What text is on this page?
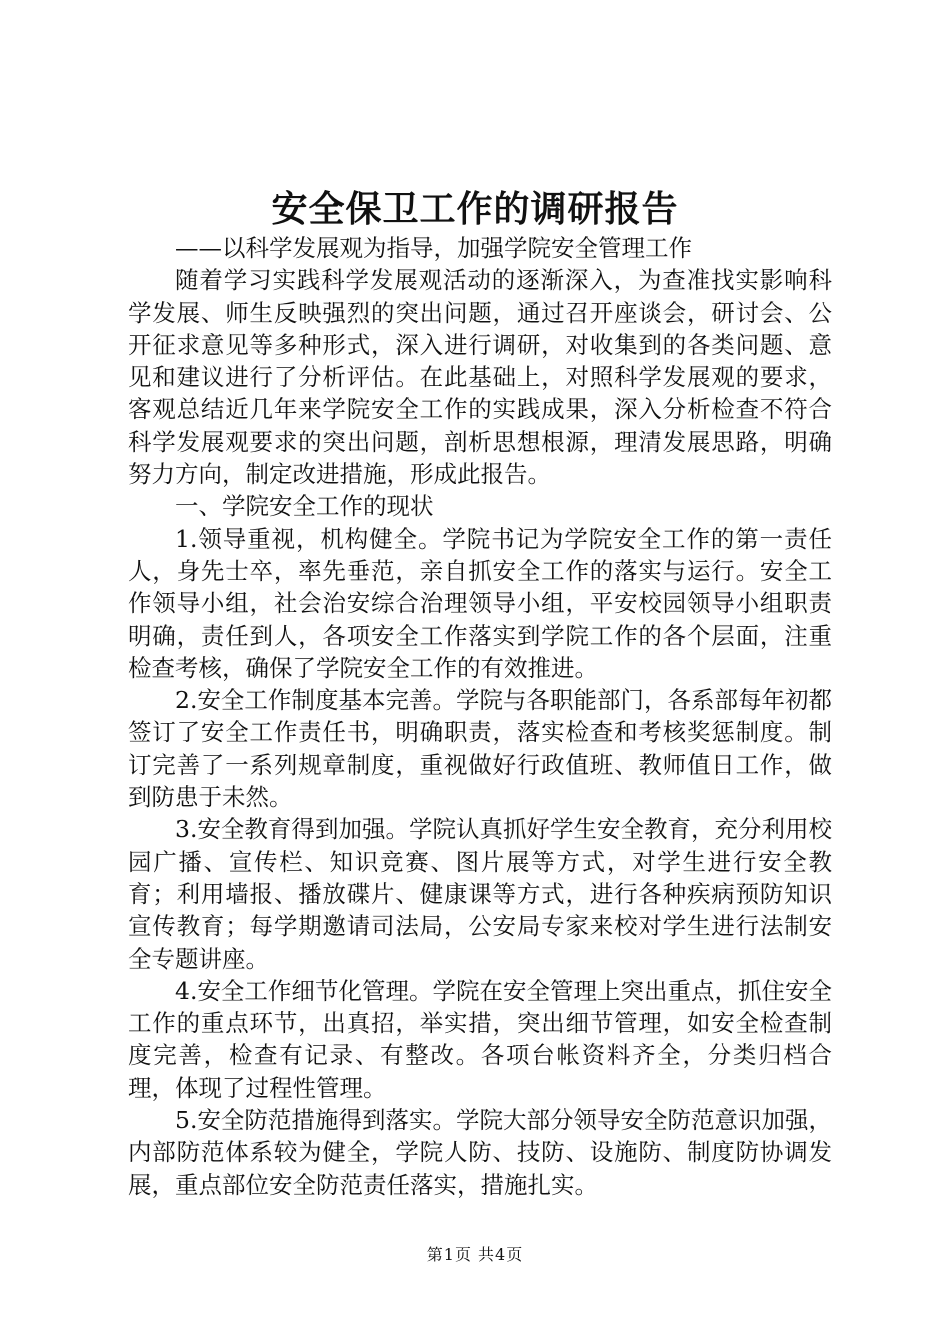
安全保卫工作的调研报告

——以科学发展观为指导，加强学院安全管理工作

随着学习实践科学发展观活动的逐渐深入，为查准找实影响科学发展、师生反映强烈的突出问题，通过召开座谈会，研讨会、公开征求意见等多种形式，深入进行调研，对收集到的各类问题、意见和建议进行了分析评估。在此基础上，对照科学发展观的要求，客观总结近几年来学院安全工作的实践成果，深入分析检查不符合科学发展观要求的突出问题，剖析思想根源，理清发展思路，明确努力方向，制定改进措施，形成此报告。

一、学院安全工作的现状

1.领导重视，机构健全。学院书记为学院安全工作的第一责任人，身先士卒，率先垂范，亲自抓安全工作的落实与运行。安全工作领导小组，社会治安综合治理领导小组，平安校园领导小组职责明确，责任到人，各项安全工作落实到学院工作的各个层面，注重检查考核，确保了学院安全工作的有效推进。

2.安全工作制度基本完善。学院与各职能部门，各系部每年初都签订了安全工作责任书，明确职责，落实检查和考核奖惩制度。制订完善了一系列规章制度，重视做好行政值班、教师值日工作，做到防患于未然。

3.安全教育得到加强。学院认真抓好学生安全教育，充分利用校园广播、宣传栏、知识竞赛、图片展等方式，对学生进行安全教育；利用墙报、播放碟片、健康课等方式，进行各种疾病预防知识宣传教育；每学期邀请司法局，公安局专家来校对学生进行法制安全专题讲座。

4.安全工作细节化管理。学院在安全管理上突出重点，抓住安全工作的重点环节，出真招，举实措，突出细节管理，如安全检查制度完善，检查有记录、有整改。各项台帐资料齐全，分类归档合理，体现了过程性管理。

5.安全防范措施得到落实。学院大部分领导安全防范意识加强，内部防范体系较为健全，学院人防、技防、设施防、制度防协调发展，重点部位安全防范责任落实，措施扎实。

第1页 共4页
